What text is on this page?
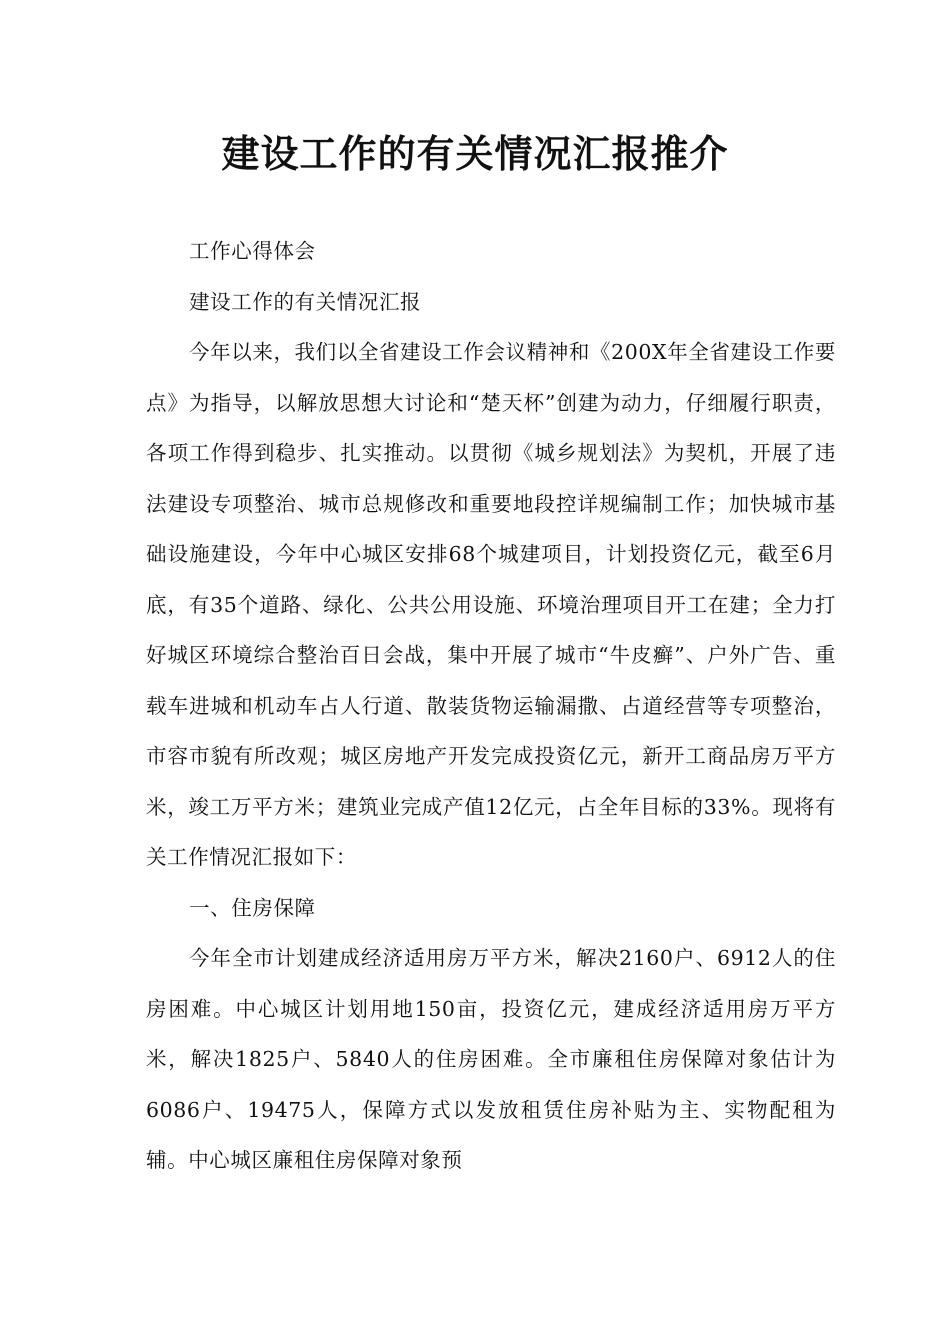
建设工作的有关情况汇报推介

工作心得体会

建设工作的有关情况汇报

今年以来，我们以全省建设工作会议精神和《200X年全省建设工作要点》为指导，以解放思想大讨论和“楚天杯”创建为动力，仔细履行职责，各项工作得到稳步、扎实推动。以贯彻《城乡规划法》为契机，开展了违法建设专项整治、城市总规修改和重要地段控详规编制工作；加快城市基础设施建设，今年中心城区安排68个城建项目，计划投资亿元，截至6月底，有35个道路、绿化、公共公用设施、环境治理项目开工在建；全力打好城区环境综合整治百日会战，集中开展了城市“牛皮癣”、户外广告、重载车进城和机动车占人行道、散装货物运输漏撒、占道经营等专项整治，市容市貌有所改观；城区房地产开发完成投资亿元，新开工商品房万平方米，竣工万平方米；建筑业完成产值12亿元，占全年目标的33%。现将有关工作情况汇报如下：

一、住房保障

今年全市计划建成经济适用房万平方米，解决2160户、6912人的住房困难。中心城区计划用地150亩，投资亿元，建成经济适用房万平方米，解决1825户、5840人的住房困难。全市廉租住房保障对象估计为6086户、19475人，保障方式以发放租赁住房补贴为主、实物配租为辅。中心城区廉租住房保障对象预
